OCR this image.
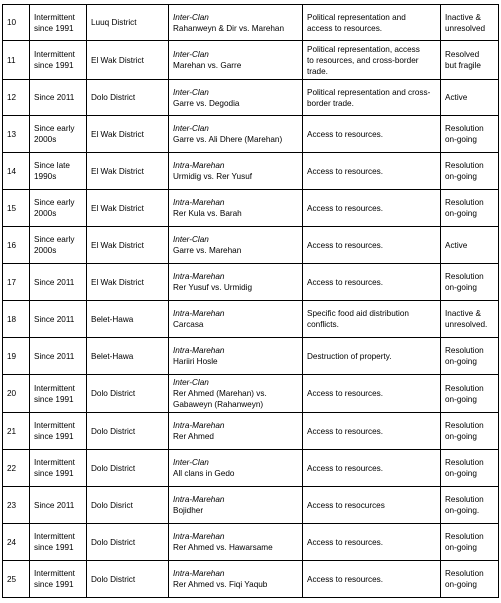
10	Intermittent
since 1991	Luuq District	Inter-Clan
Rahanweyn & Dir vs. Marehan	Political representation and
access to resources.	Inactive &
unresolved
11	Intermittent
since 1991	El Wak District	Inter-Clan
Marehan vs. Garre	Political representation, access
to resources, and cross-border
trade.	Resolved
but fragile
12	Since 2011	Dolo District	Inter-Clan
Garre vs. Degodia	Political representation and cross-
border trade.	Active
13	Since early
2000s	El Wak District	Inter-Clan
Garre vs. Ali Dhere (Marehan)	Access to resources.	Resolution
on-going
14	Since late
1990s	El Wak District	Intra-Marehan
Urmidig vs. Rer Yusuf	Access to resources.	Resolution
on-going
15	Since early
2000s	El Wak District	Intra-Marehan
Rer Kula vs. Barah	Access to resources.	Resolution
on-going
16	Since early
2000s	El Wak District	Inter-Clan
Garre vs. Marehan	Access to resources.	Active
17	Since 2011	El Wak District	Intra-Marehan
Rer Yusuf vs. Urmidig	Access to resources.	Resolution
on-going
18	Since 2011	Belet-Hawa	Intra-Marehan
Carcasa	Specific food aid distribution
conflicts.	Inactive &
unresolved.
19	Since 2011	Belet-Hawa	Intra-Marehan
Hariiri Hosle	Destruction of property.	Resolution
on-going
20	Intermittent
since 1991	Dolo District	Inter-Clan
Rer Ahmed (Marehan) vs.
Gabaweyn (Rahanweyn)	Access to resources.	Resolution
on-going
21	Intermittent
since 1991	Dolo District	Intra-Marehan
Rer Ahmed	Access to resources.	Resolution
on-going
22	Intermittent
since 1991	Dolo District	Inter-Clan
All clans in Gedo	Access to resources.	Resolution
on-going
23	Since 2011	Dolo Disrict	Intra-Marehan
Bojidher	Access to resocurces	Resolution
on-going.
24	Intermittent
since 1991	Dolo District	Intra-Marehan
Rer Ahmed vs. Hawarsame	Access to resources.	Resolution
on-going
25	Intermittent
since 1991	Dolo District	Intra-Marehan
Rer Ahmed vs. Fiqi Yaqub	Access to resources.	Resolution
on-going
